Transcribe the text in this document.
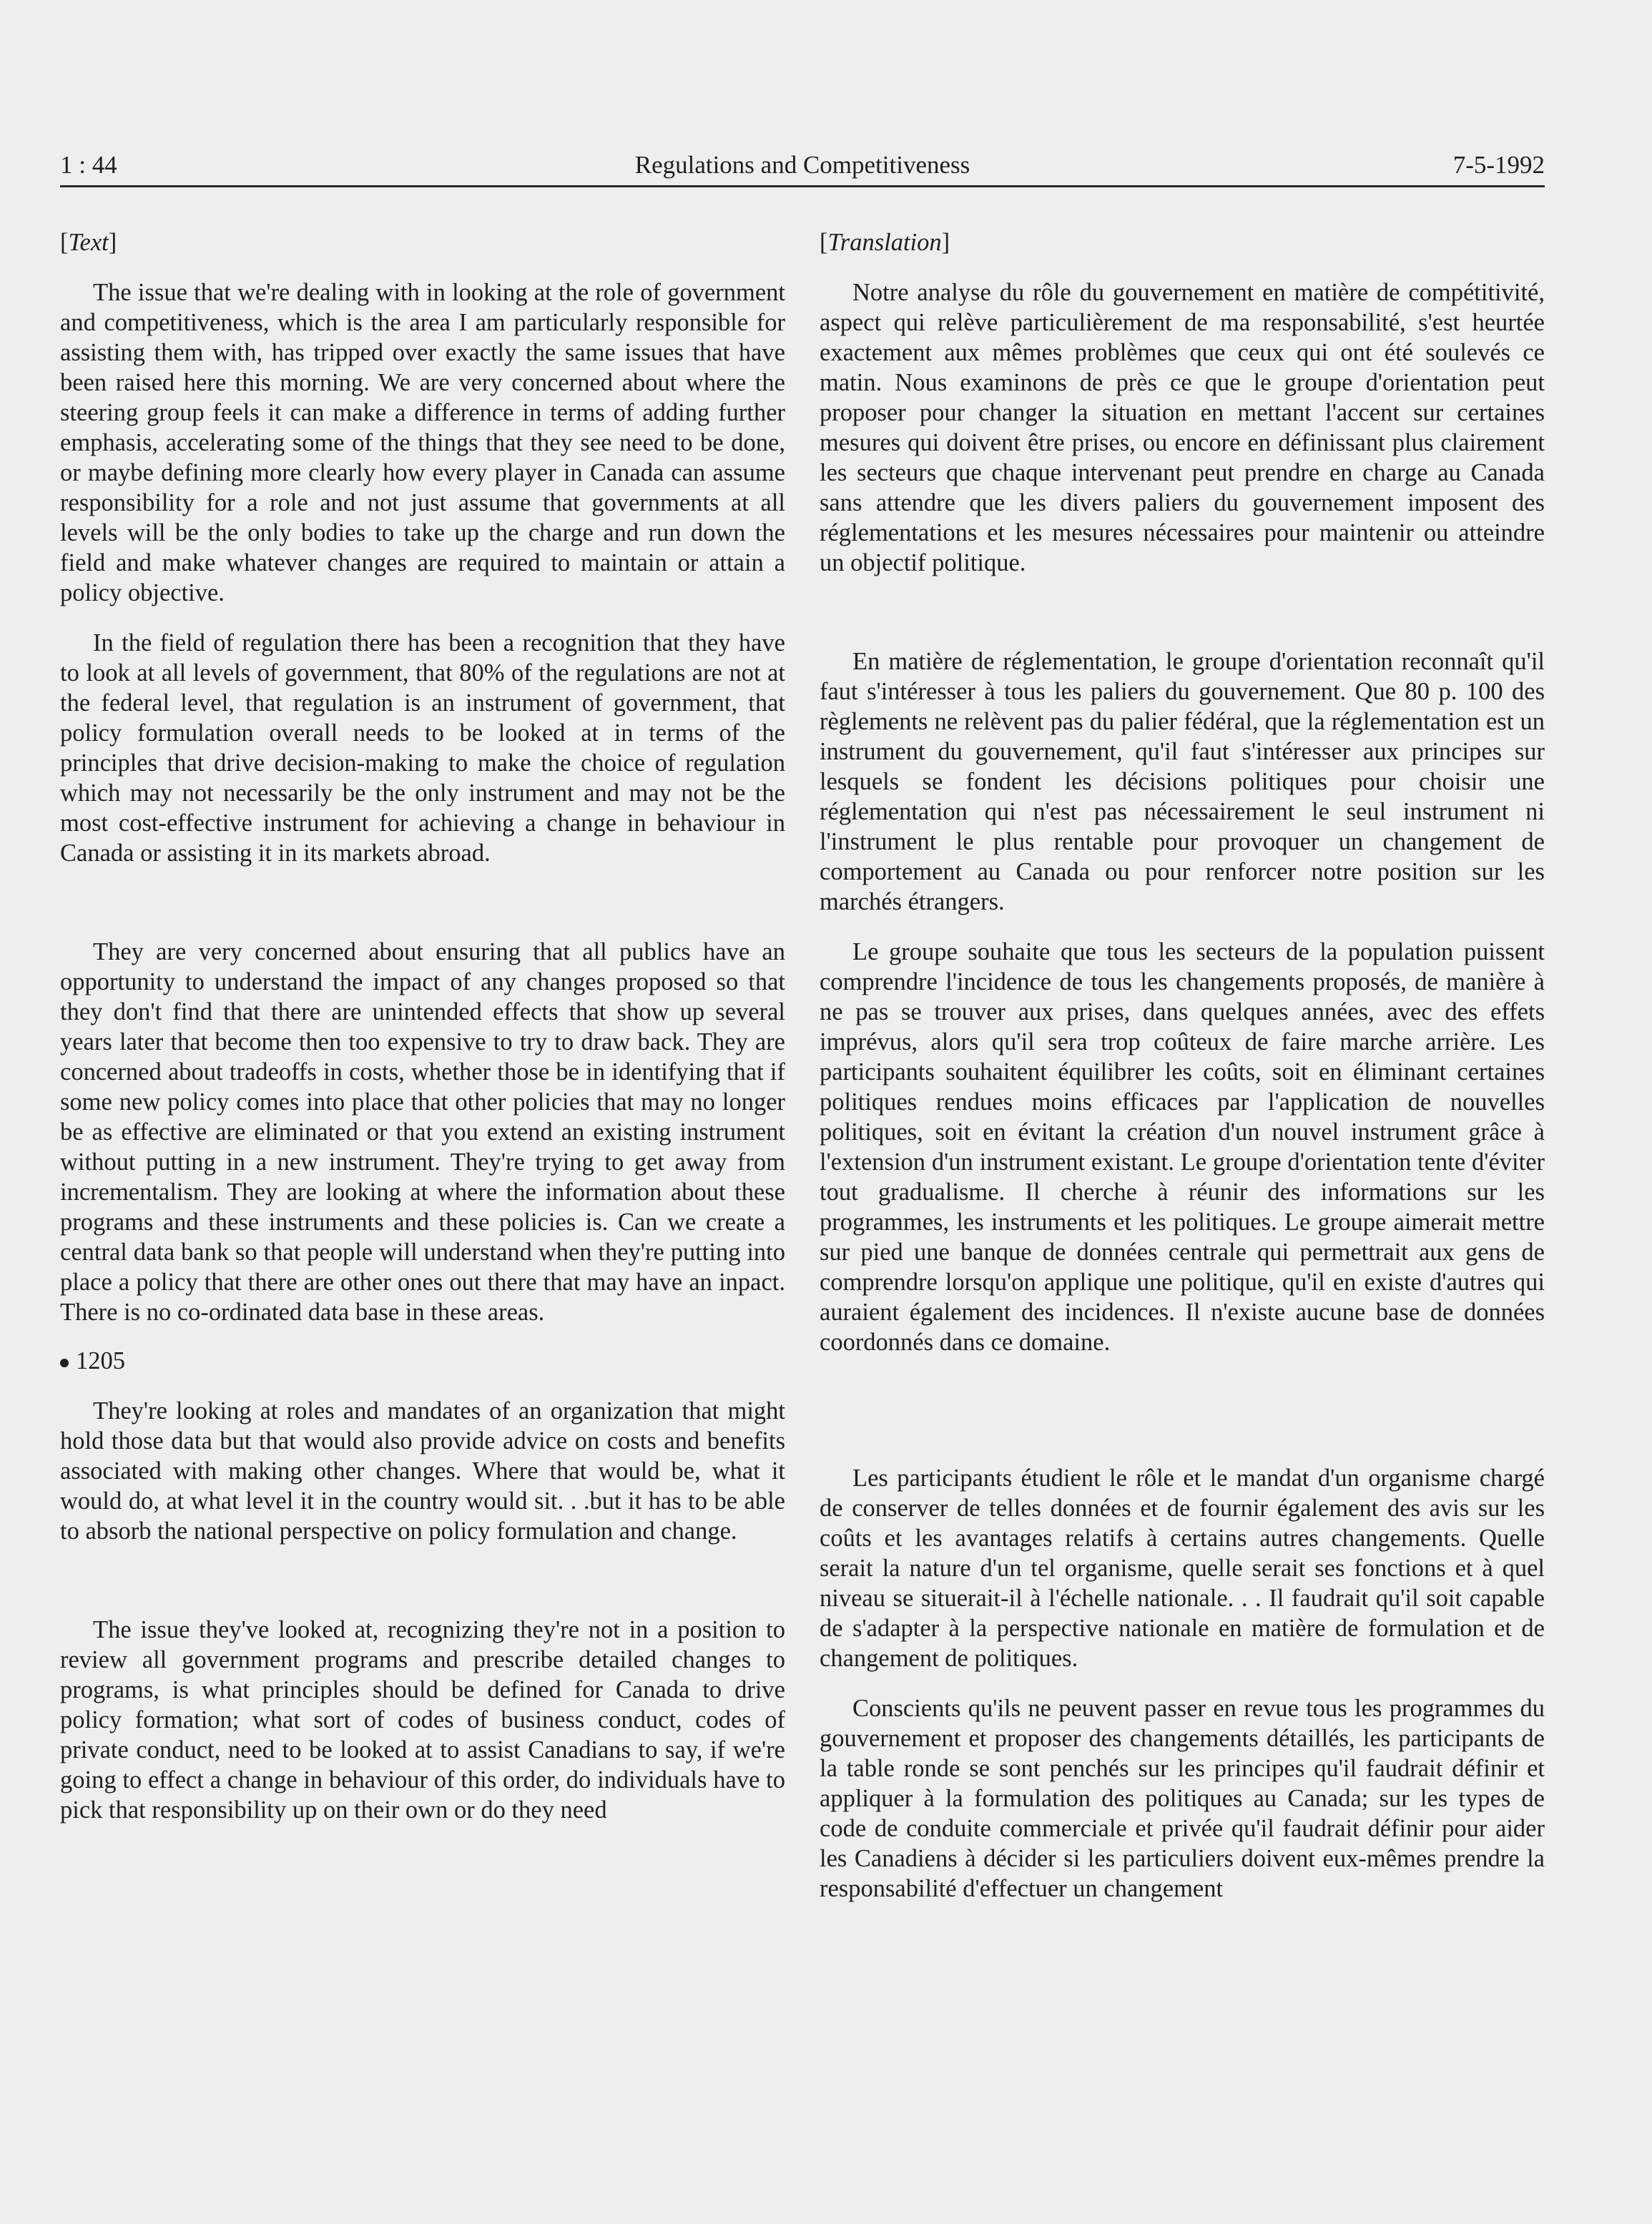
1 : 44	Regulations and Competitiveness	7-5-1992

[Text]

The issue that we're dealing with in looking at the role of government and competitiveness, which is the area I am particularly responsible for assisting them with, has tripped over exactly the same issues that have been raised here this morning. We are very concerned about where the steering group feels it can make a difference in terms of adding further emphasis, accelerating some of the things that they see need to be done, or maybe defining more clearly how every player in Canada can assume responsibility for a role and not just assume that governments at all levels will be the only bodies to take up the charge and run down the field and make whatever changes are required to maintain or attain a policy objective.

In the field of regulation there has been a recognition that they have to look at all levels of government, that 80% of the regulations are not at the federal level, that regulation is an instrument of government, that policy formulation overall needs to be looked at in terms of the principles that drive decision-making to make the choice of regulation which may not necessarily be the only instrument and may not be the most cost-effective instrument for achieving a change in behaviour in Canada or assisting it in its markets abroad.

They are very concerned about ensuring that all publics have an opportunity to understand the impact of any changes proposed so that they don't find that there are unintended effects that show up several years later that become then too expensive to try to draw back. They are concerned about tradeoffs in costs, whether those be in identifying that if some new policy comes into place that other policies that may no longer be as effective are eliminated or that you extend an existing instrument without putting in a new instrument. They're trying to get away from incrementalism. They are looking at where the information about these programs and these instruments and these policies is. Can we create a central data bank so that people will understand when they're putting into place a policy that there are other ones out there that may have an inpact. There is no co-ordinated data base in these areas.

1205

They're looking at roles and mandates of an organization that might hold those data but that would also provide advice on costs and benefits associated with making other changes. Where that would be, what it would do, at what level it in the country would sit. . .but it has to be able to absorb the national perspective on policy formulation and change.

The issue they've looked at, recognizing they're not in a position to review all government programs and prescribe detailed changes to programs, is what principles should be defined for Canada to drive policy formation; what sort of codes of business conduct, codes of private conduct, need to be looked at to assist Canadians to say, if we're going to effect a change in behaviour of this order, do individuals have to pick that responsibility up on their own or do they need

[Translation]

Notre analyse du rôle du gouvernement en matière de compétitivité, aspect qui relève particulièrement de ma responsabilité, s'est heurtée exactement aux mêmes problèmes que ceux qui ont été soulevés ce matin. Nous examinons de près ce que le groupe d'orientation peut proposer pour changer la situation en mettant l'accent sur certaines mesures qui doivent être prises, ou encore en définissant plus clairement les secteurs que chaque intervenant peut prendre en charge au Canada sans attendre que les divers paliers du gouvernement imposent des réglementations et les mesures nécessaires pour maintenir ou atteindre un objectif politique.

En matière de réglementation, le groupe d'orientation reconnaît qu'il faut s'intéresser à tous les paliers du gouvernement. Que 80 p. 100 des règlements ne relèvent pas du palier fédéral, que la réglementation est un instrument du gouvernement, qu'il faut s'intéresser aux principes sur lesquels se fondent les décisions politiques pour choisir une réglementation qui n'est pas nécessairement le seul instrument ni l'instrument le plus rentable pour provoquer un changement de comportement au Canada ou pour renforcer notre position sur les marchés étrangers.

Le groupe souhaite que tous les secteurs de la population puissent comprendre l'incidence de tous les changements proposés, de manière à ne pas se trouver aux prises, dans quelques années, avec des effets imprévus, alors qu'il sera trop coûteux de faire marche arrière. Les participants souhaitent équilibrer les coûts, soit en éliminant certaines politiques rendues moins efficaces par l'application de nouvelles politiques, soit en évitant la création d'un nouvel instrument grâce à l'extension d'un instrument existant. Le groupe d'orientation tente d'éviter tout gradualisme. Il cherche à réunir des informations sur les programmes, les instruments et les politiques. Le groupe aimerait mettre sur pied une banque de données centrale qui permettrait aux gens de comprendre lorsqu'on applique une politique, qu'il en existe d'autres qui auraient également des incidences. Il n'existe aucune base de données coordonnés dans ce domaine.

Les participants étudient le rôle et le mandat d'un organisme chargé de conserver de telles données et de fournir également des avis sur les coûts et les avantages relatifs à certains autres changements. Quelle serait la nature d'un tel organisme, quelle serait ses fonctions et à quel niveau se situerait-il à l'échelle nationale. . . Il faudrait qu'il soit capable de s'adapter à la perspective nationale en matière de formulation et de changement de politiques.

Conscients qu'ils ne peuvent passer en revue tous les programmes du gouvernement et proposer des changements détaillés, les participants de la table ronde se sont penchés sur les principes qu'il faudrait définir et appliquer à la formulation des politiques au Canada; sur les types de code de conduite commerciale et privée qu'il faudrait définir pour aider les Canadiens à décider si les particuliers doivent eux-mêmes prendre la responsabilité d'effectuer un changement
